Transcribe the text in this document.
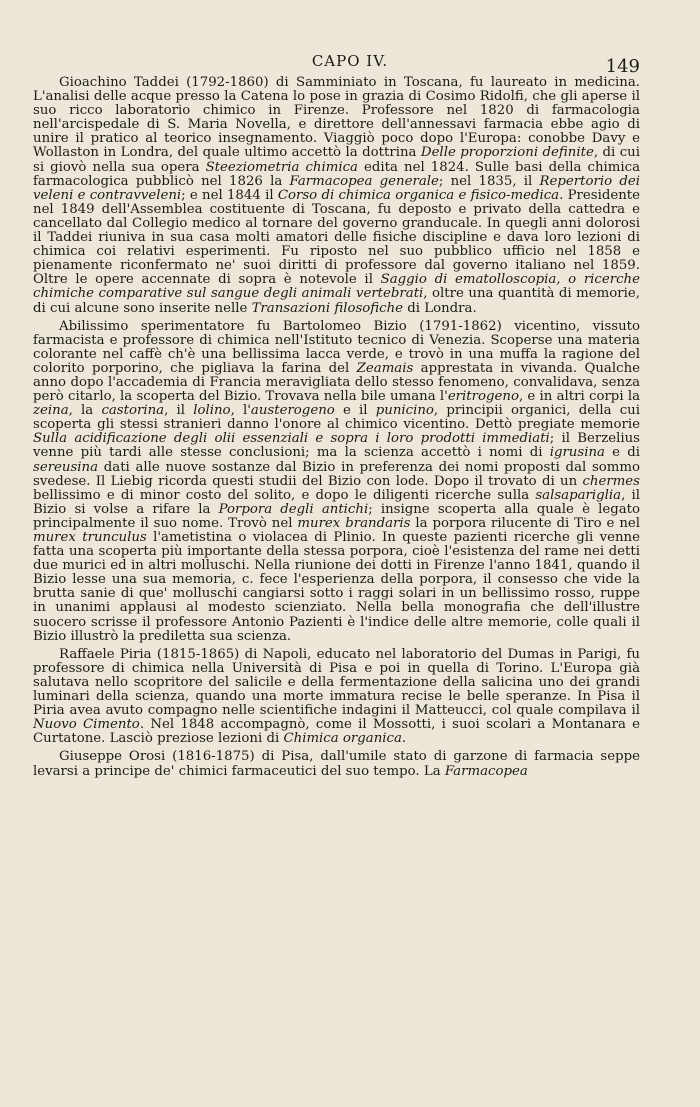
CAPO IV.	149

Gioachino Taddei (1792-1860) di Samminiato in Toscana, fu laureato in medicina. L'analisi delle acque presso la Catena lo pose in grazia di Cosimo Ridolfi, che gli aperse il suo ricco laboratorio chimico in Firenze. Professore nel 1820 di farmacologia nell'arcispedale di S. Maria Novella, e direttore dell'annessavi farmacia ebbe agio di unire il pratico al teorico insegnamento. Viaggiò poco dopo l'Europa: conobbe Davy e Wollaston in Londra, del quale ultimo accettò la dottrina Delle proporzioni definite, di cui si giovò nella sua opera Steeziometria chimica edita nel 1824. Sulle basi della chimica farmacologica pubblicò nel 1826 la Farmacopea generale; nel 1835, il Repertorio dei veleni e contravveleni; e nel 1844 il Corso di chimica organica e fisico-medica. Presidente nel 1849 dell'Assemblea costituente di Toscana, fu deposto e privato della cattedra e cancellato dal Collegio medico al tornare del governo granducale. In quegli anni dolorosi il Taddei riuniva in sua casa molti amatori delle fisiche discipline e dava loro lezioni di chimica coi relativi esperimenti. Fu riposto nel suo pubblico ufficio nel 1858 e pienamente riconfermato ne' suoi diritti di professore dal governo italiano nel 1859. Oltre le opere accennate di sopra è notevole il Saggio di ematolloscopia, o ricerche chimiche comparative sul sangue degli animali vertebrati, oltre una quantità di memorie, di cui alcune sono inserite nelle Transazioni filosofiche di Londra.

Abilissimo sperimentatore fu Bartolomeo Bizio (1791-1862) vicentino, vissuto farmacista e professore di chimica nell'Istituto tecnico di Venezia. Scoperse una materia colorante nel caffè ch'è una bellissima lacca verde, e trovò in una muffa la ragione del colorito porporino, che pigliava la farina del Zeamais apprestata in vivanda. Qualche anno dopo l'accademia di Francia meravigliata dello stesso fenomeno, convalidava, senza però citarlo, la scoperta del Bizio. Trovava nella bile umana l'eritrogeno, e in altri corpi la zeina, la castorina, il lolino, l'austerogeno e il punicino, principii organici, della cui scoperta gli stessi stranieri danno l'onore al chimico vicentino. Dettò pregiate memorie Sulla acidificazione degli olii essenziali e sopra i loro prodotti immediati; il Berzelius venne più tardi alle stesse conclusioni; ma la scienza accettò i nomi di igrusina e di sereusina dati alle nuove sostanze dal Bizio in preferenza dei nomi proposti dal sommo svedese. Il Liebig ricorda questi studii del Bizio con lode. Dopo il trovato di un chermes bellissimo e di minor costo del solito, e dopo le diligenti ricerche sulla salsapariglia, il Bizio si volse a rifare la Porpora degli antichi; insigne scoperta alla quale è legato principalmente il suo nome. Trovò nel murex brandaris la porpora rilucente di Tiro e nel murex trunculus l'ametistina o violacea di Plinio. In queste pazienti ricerche gli venne fatta una scoperta più importante della stessa porpora, cioè l'esistenza del rame nei detti due murici ed in altri molluschi. Nella riunione dei dotti in Firenze l'anno 1841, quando il Bizio lesse una sua memoria, c. fece l'esperienza della porpora, il consesso che vide la brutta sanie di que' molluschi cangiarsi sotto i raggi solari in un bellissimo rosso, ruppe in unanimi applausi al modesto scienziato. Nella bella monografia che dell'illustre suocero scrisse il professore Antonio Pazienti è l'indice delle altre memorie, colle quali il Bizio illustrò la prediletta sua scienza.

Raffaele Piria (1815-1865) di Napoli, educato nel laboratorio del Dumas in Parigi, fu professore di chimica nella Università di Pisa e poi in quella di Torino. L'Europa già salutava nello scopritore del salicile e della fermentazione della salicina uno dei grandi luminari della scienza, quando una morte immatura recise le belle speranze. In Pisa il Piria avea avuto compagno nelle scientifiche indagini il Matteucci, col quale compilava il Nuovo Cimento. Nel 1848 accompagnò, come il Mossotti, i suoi scolari a Montanara e Curtatone. Lasciò preziose lezioni di Chimica organica.

Giuseppe Orosi (1816-1875) di Pisa, dall'umile stato di garzone di farmacia seppe levarsi a principe de' chimici farmaceutici del suo tempo. La Farmacopea
